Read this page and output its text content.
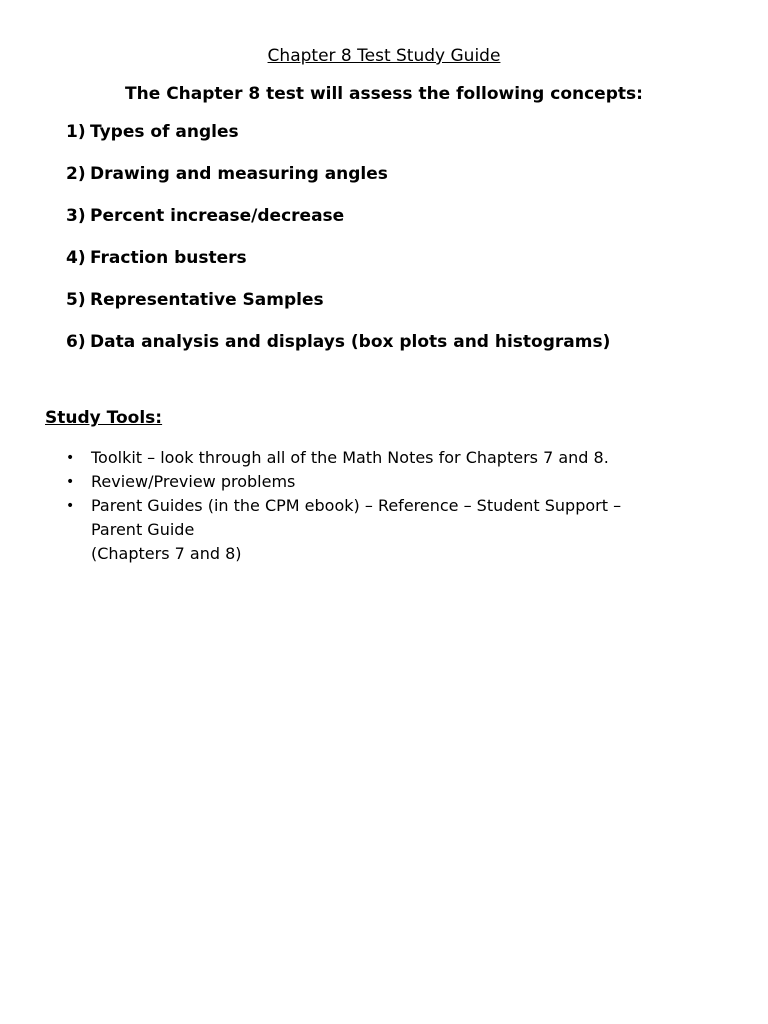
Chapter 8 Test Study Guide
The Chapter 8 test will assess the following concepts:
1) Types of angles
2) Drawing and measuring angles
3) Percent increase/decrease
4) Fraction busters
5) Representative Samples
6) Data analysis and displays (box plots and histograms)
Study Tools:
•	Toolkit – look through all of the Math Notes for Chapters 7 and 8.
•	Review/Preview problems
•	Parent Guides (in the CPM ebook) – Reference – Student Support –
Parent Guide
(Chapters 7 and 8)
